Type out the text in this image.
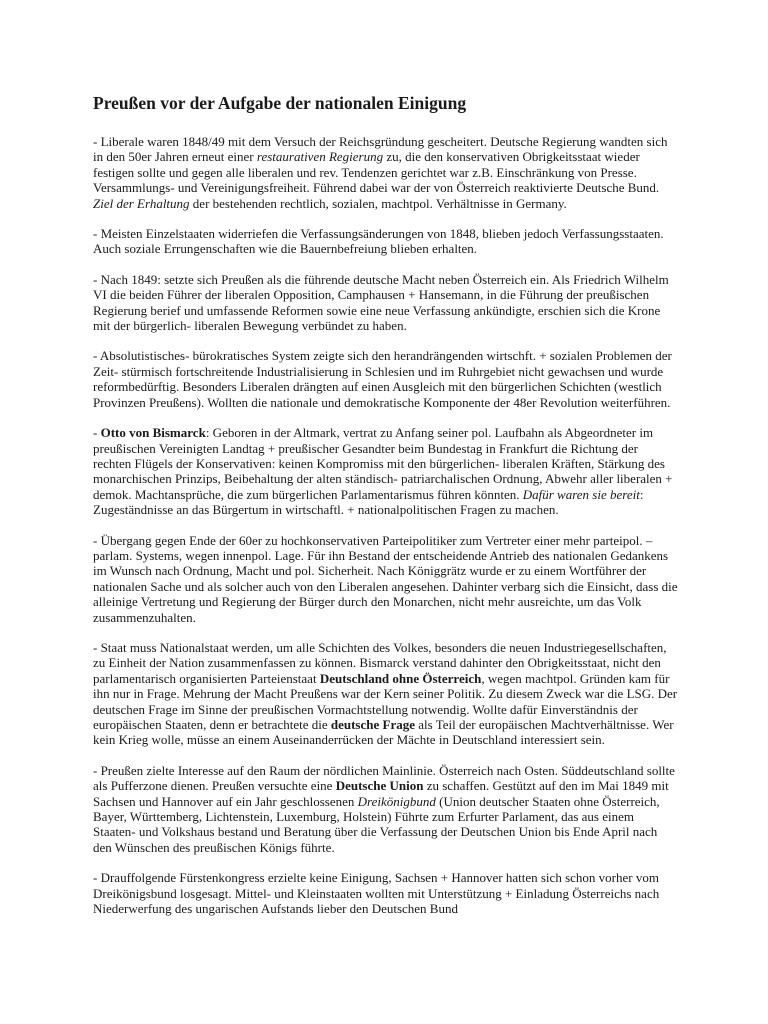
Preußen vor der Aufgabe der nationalen Einigung

- Liberale waren 1848/49 mit dem Versuch der Reichsgründung gescheitert. Deutsche Regierung wandten sich in den 50er Jahren erneut einer restaurativen Regierung zu, die den konservativen Obrigkeitsstaat wieder festigen sollte und gegen alle liberalen und rev. Tendenzen gerichtet war z.B. Einschränkung von Presse. Versammlungs- und Vereinigungsfreiheit. Führend dabei war der von Österreich reaktivierte Deutsche Bund. Ziel der Erhaltung der bestehenden rechtlich, sozialen, machtpol. Verhältnisse in Germany.

- Meisten Einzelstaaten widerriefen die Verfassungsänderungen von 1848, blieben jedoch Verfassungsstaaten. Auch soziale Errungenschaften wie die Bauernbefreiung blieben erhalten.

- Nach 1849: setzte sich Preußen als die führende deutsche Macht neben Österreich ein. Als Friedrich Wilhelm VI die beiden Führer der liberalen Opposition, Camphausen + Hansemann, in die Führung der preußischen Regierung berief und umfassende Reformen sowie eine neue Verfassung ankündigte, erschien sich die Krone mit der bürgerlich- liberalen Bewegung verbündet zu haben.

- Absolutistisches- bürokratisches System zeigte sich den herandrängenden wirtschft. + sozialen Problemen der Zeit- stürmisch fortschreitende Industrialisierung in Schlesien und im Ruhrgebiet nicht gewachsen und wurde reformbedürftig. Besonders Liberalen drängten auf einen Ausgleich mit den bürgerlichen Schichten (westlich Provinzen Preußens). Wollten die nationale und demokratische Komponente der 48er Revolution weiterführen.

- Otto von Bismarck: Geboren in der Altmark, vertrat zu Anfang seiner pol. Laufbahn als Abgeordneter im preußischen Vereinigten Landtag + preußischer Gesandter beim Bundestag in Frankfurt die Richtung der rechten Flügels der Konservativen: keinen Kompromiss mit den bürgerlichen- liberalen Kräften, Stärkung des monarchischen Prinzips, Beibehaltung der alten ständisch- patriarchalischen Ordnung, Abwehr aller liberalen + demok. Machtansprüche, die zum bürgerlichen Parlamentarismus führen könnten. Dafür waren sie bereit: Zugeständnisse an das Bürgertum in wirtschaftl. + nationalpolitischen Fragen zu machen.

- Übergang gegen Ende der 60er zu hochkonservativen Parteipolitiker zum Vertreter einer mehr parteipol. –parlam. Systems, wegen innenpol. Lage. Für ihn Bestand der entscheidende Antrieb des nationalen Gedankens im Wunsch nach Ordnung, Macht und pol. Sicherheit. Nach Königgrätz wurde er zu einem Wortführer der nationalen Sache und als solcher auch von den Liberalen angesehen. Dahinter verbarg sich die Einsicht, dass die alleinige Vertretung und Regierung der Bürger durch den Monarchen, nicht mehr ausreichte, um das Volk zusammenzuhalten.

- Staat muss Nationalstaat werden, um alle Schichten des Volkes, besonders die neuen Industriegesellschaften, zu Einheit der Nation zusammenfassen zu können. Bismarck verstand dahinter den Obrigkeitsstaat, nicht den parlamentarisch organisierten Parteienstaat Deutschland ohne Österreich, wegen machtpol. Gründen kam für ihn nur in Frage. Mehrung der Macht Preußens war der Kern seiner Politik. Zu diesem Zweck war die LSG. Der deutschen Frage im Sinne der preußischen Vormachtstellung notwendig. Wollte dafür Einverständnis der europäischen Staaten, denn er betrachtete die deutsche Frage als Teil der europäischen Machtverhältnisse. Wer kein Krieg wolle, müsse an einem Auseinanderrücken der Mächte in Deutschland interessiert sein.

- Preußen zielte Interesse auf den Raum der nördlichen Mainlinie. Österreich nach Osten. Süddeutschland sollte als Pufferzone dienen. Preußen versuchte eine Deutsche Union zu schaffen. Gestützt auf den im Mai 1849 mit Sachsen und Hannover auf ein Jahr geschlossenen Dreikönigbund (Union deutscher Staaten ohne Österreich, Bayer, Württemberg, Lichtenstein, Luxemburg, Holstein) Führte zum Erfurter Parlament, das aus einem Staaten- und Volkshaus bestand und Beratung über die Verfassung der Deutschen Union bis Ende April nach den Wünschen des preußischen Königs führte.

- Drauffolgende Fürstenkongress erzielte keine Einigung, Sachsen + Hannover hatten sich schon vorher vom Dreikönigsbund losgesagt. Mittel- und Kleinstaaten wollten mit Unterstützung + Einladung Österreichs nach Niederwerfung des ungarischen Aufstands lieber den Deutschen Bund
